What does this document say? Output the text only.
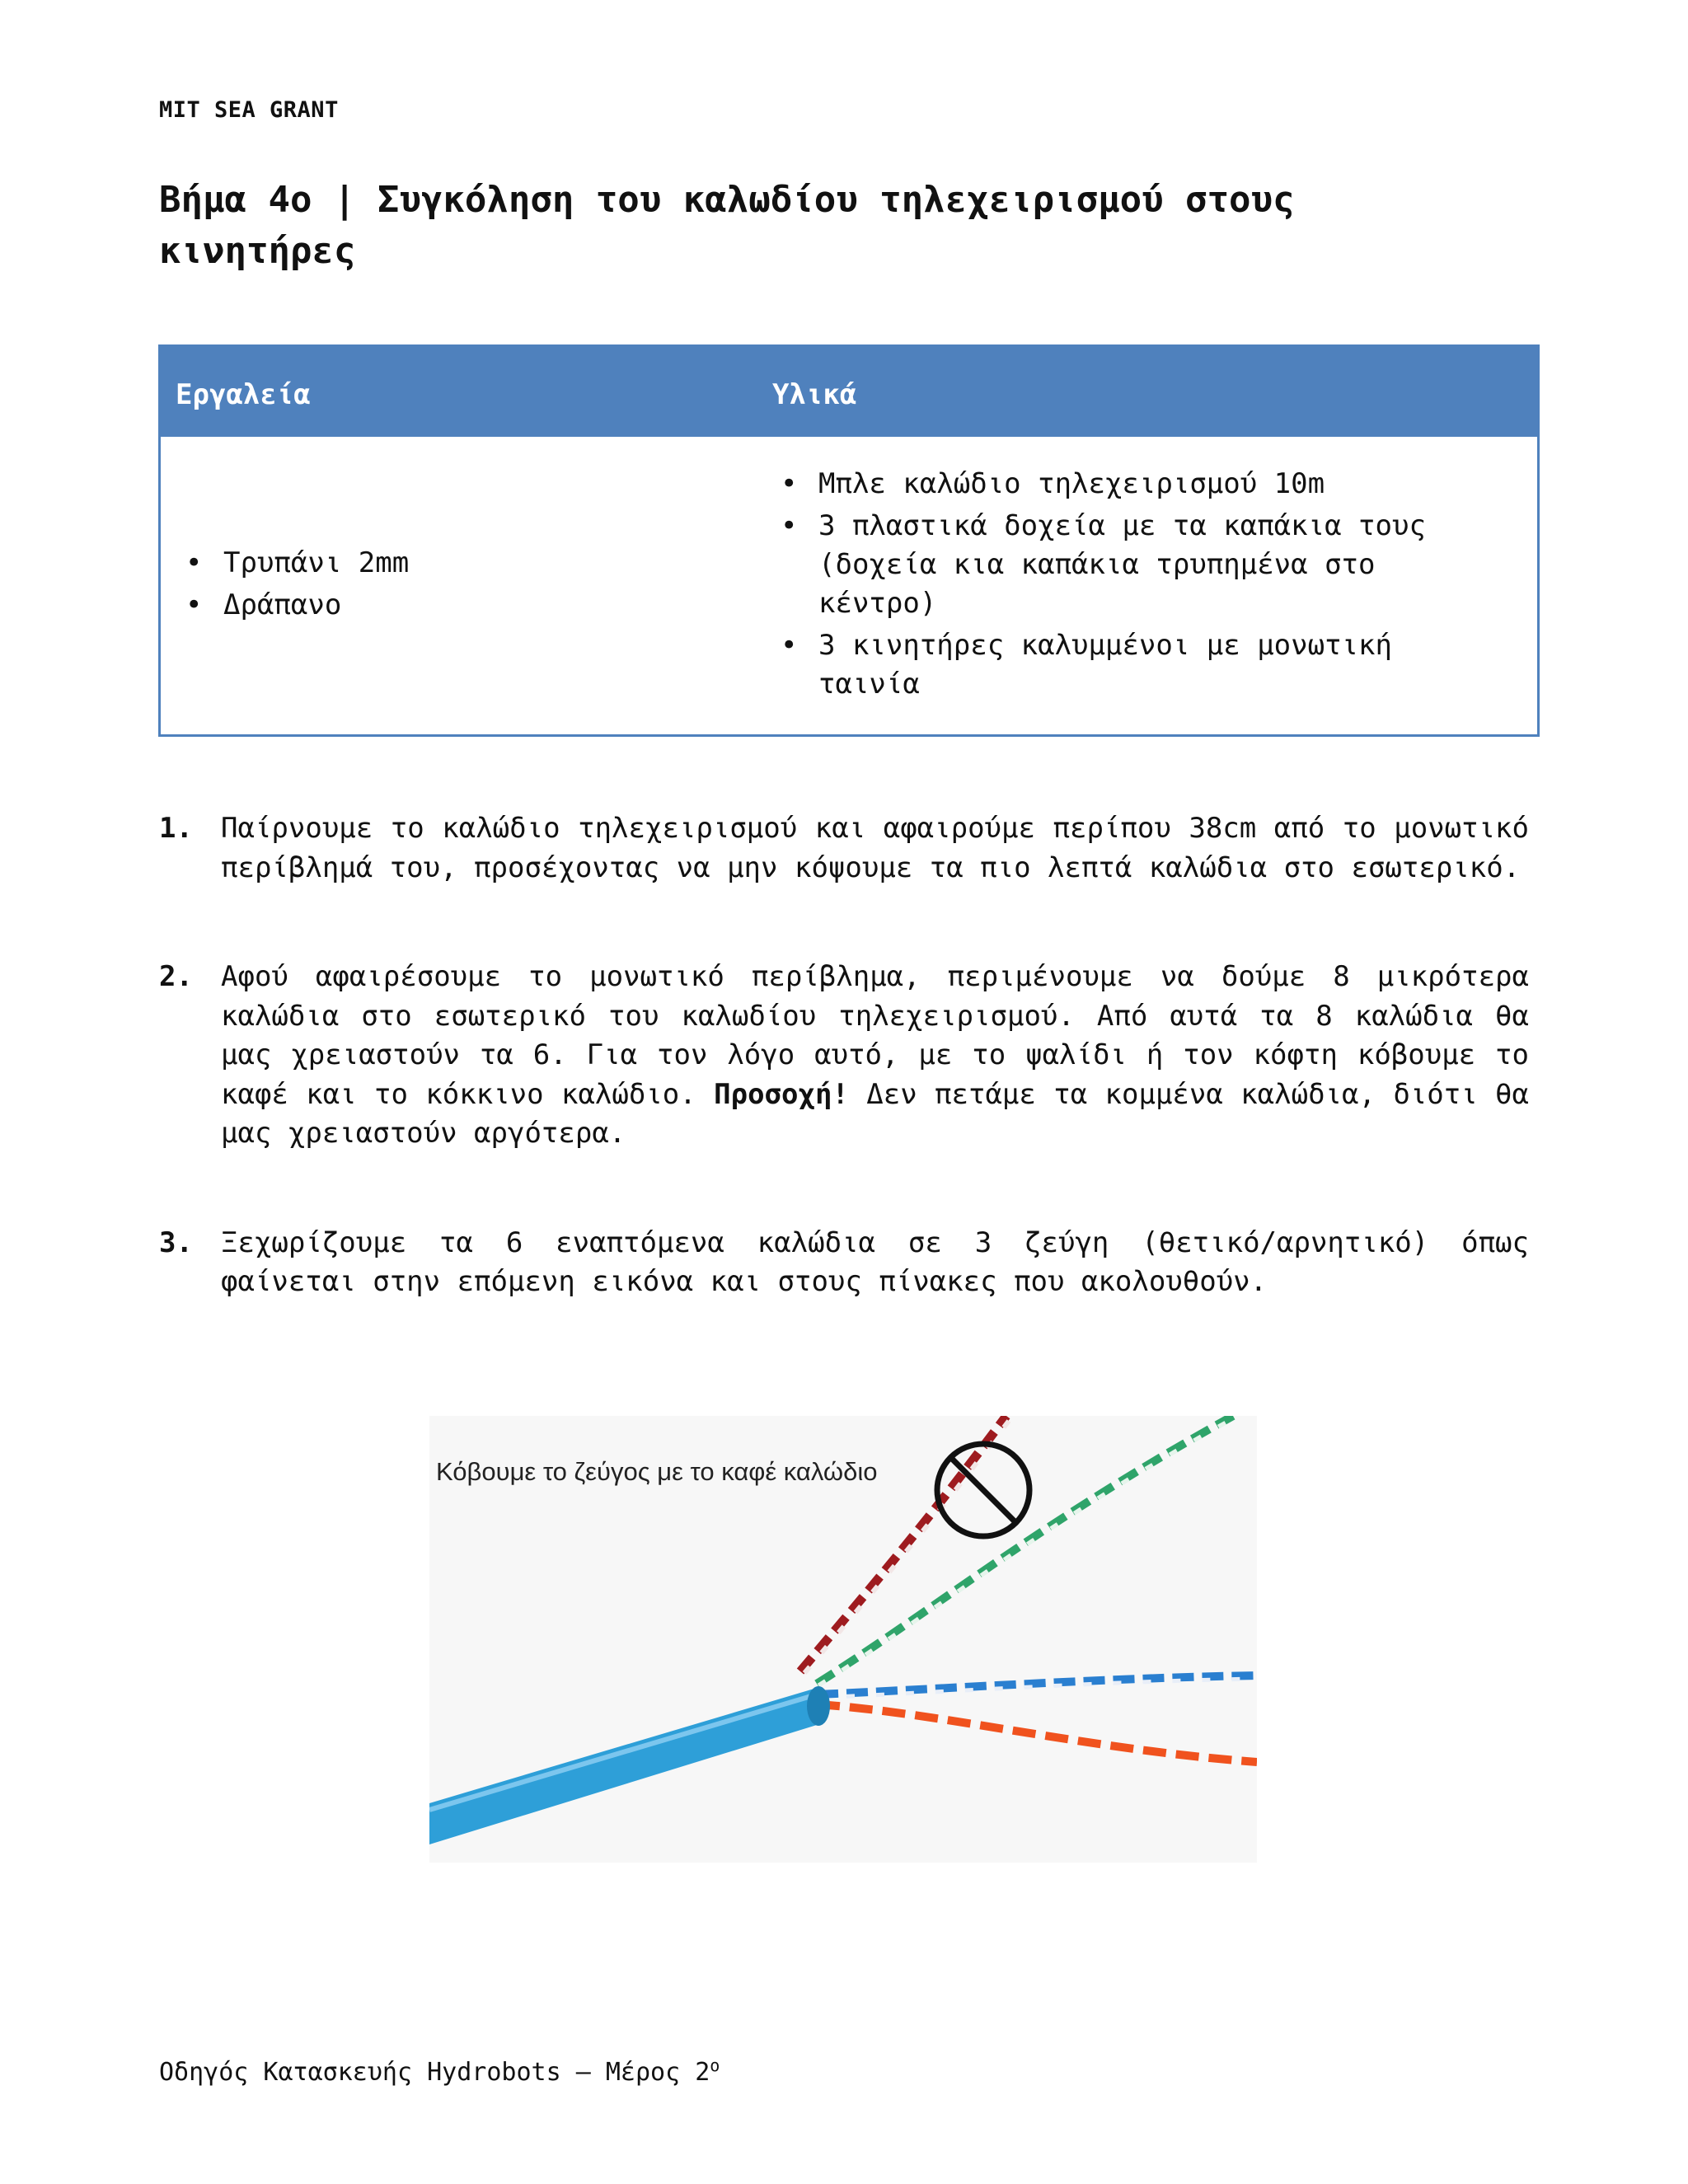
MIT SEA GRANT
Βήμα 4ο | Συγκόληση του καλωδίου τηλεχειρισμού στους κινητήρες
Εργαλεία	Υλικά
• Τρυπάνι 2mm
• Δράπανο
• Μπλε καλώδιο τηλεχειρισμού 10m
• 3 πλαστικά δοχεία με τα καπάκια τους (δοχεία κια καπάκια τρυπημένα στο κέντρο)
• 3 κινητήρες καλυμμένοι με μονωτική ταινία
1. Παίρνουμε το καλώδιο τηλεχειρισμού και αφαιρούμε περίπου 38cm από το μονωτικό περίβλημά του, προσέχοντας να μην κόψουμε τα πιο λεπτά καλώδια στο εσωτερικό.
2. Αφού αφαιρέσουμε το μονωτικό περίβλημα, περιμένουμε να δούμε 8 μικρότερα καλώδια στο εσωτερικό του καλωδίου τηλεχειρισμού. Από αυτά τα 8 καλώδια θα μας χρειαστούν τα 6. Για τον λόγο αυτό, με το ψαλίδι ή τον κόφτη κόβουμε το καφέ και το κόκκινο καλώδιο. Προσοχή! Δεν πετάμε τα κομμένα καλώδια, διότι θα μας χρειαστούν αργότερα.
3. Ξεχωρίζουμε τα 6 εναπτόμενα καλώδια σε 3 ζεύγη (θετικό/αρνητικό) όπως φαίνεται στην επόμενη εικόνα και στους πίνακες που ακολουθούν.
Κόβουμε το ζεύγος με το καφέ καλώδιο
Οδηγός Κατασκευής Hydrobots – Μέρος $2^o$
